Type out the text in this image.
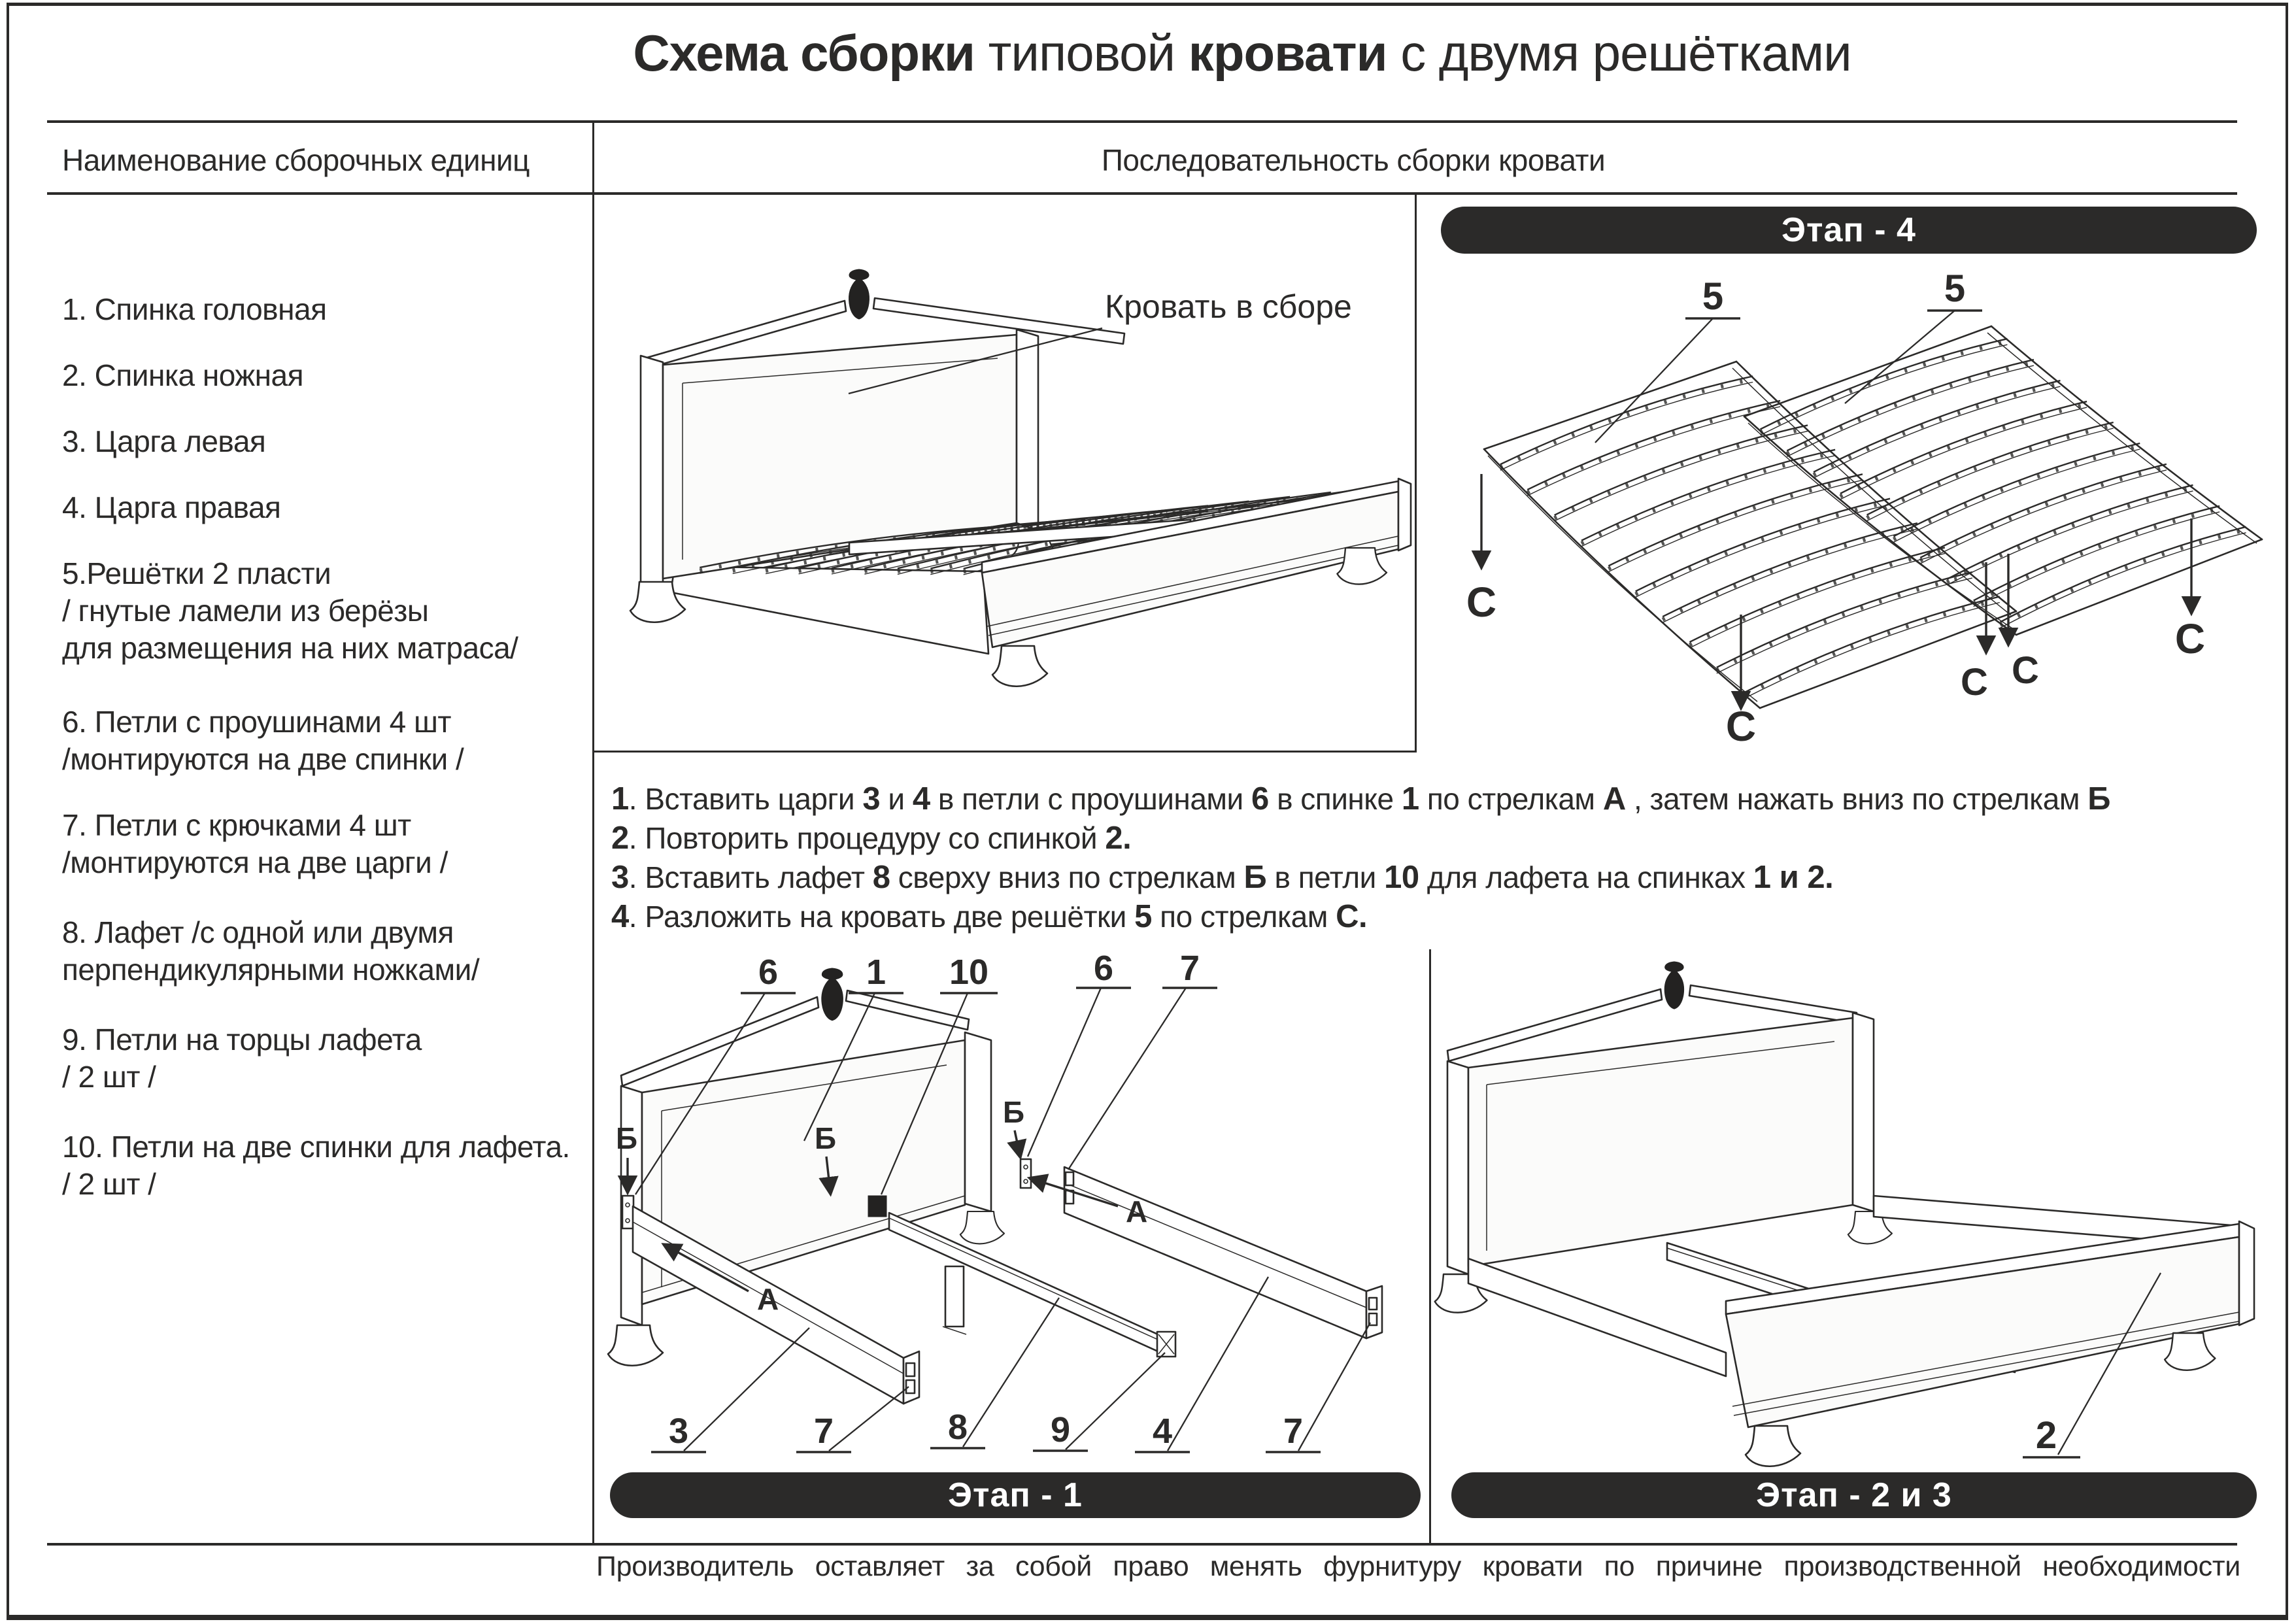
Схема сборки типовой кровати с двумя решётками
Наименование сборочных единиц	Последовательность сборки кровати
1. Спинка головная
2. Спинка ножная
3. Царга левая
4. Царга правая
5.Решётки 2 пласти
/ гнутые ламели из берёзы
для размещения на них матраса/
6. Петли с проушинами 4 шт
/монтируются на две спинки /
7. Петли с крючками 4 шт
/монтируются на две царги /
8. Лафет /с одной или двумя
перпендикулярными ножками/
9. Петли на торцы лафета
/ 2 шт /
10. Петли на две спинки для лафета.
/ 2 шт /
1. Вставить царги 3 и 4 в петли с проушинами 6 в спинке 1 по стрелкам А , затем нажать вниз по стрелкам Б
2. Повторить процедуру со спинкой 2.
3. Вставить лафет 8 сверху вниз по стрелкам Б в петли 10 для лафета на спинках 1 и 2.
4. Разложить на кровать две решётки 5 по стрелкам С.
Этап - 4
Этап - 1	Этап - 2 и 3
Производитель оставляет за собой право менять фурнитуру кровати по причине производственной необходимости
Кровать в сборе	5	5
С
С
С С
С
А
А
Б	Б
Б
6 1 10	6 7
3	7	8 9 4	7	2
